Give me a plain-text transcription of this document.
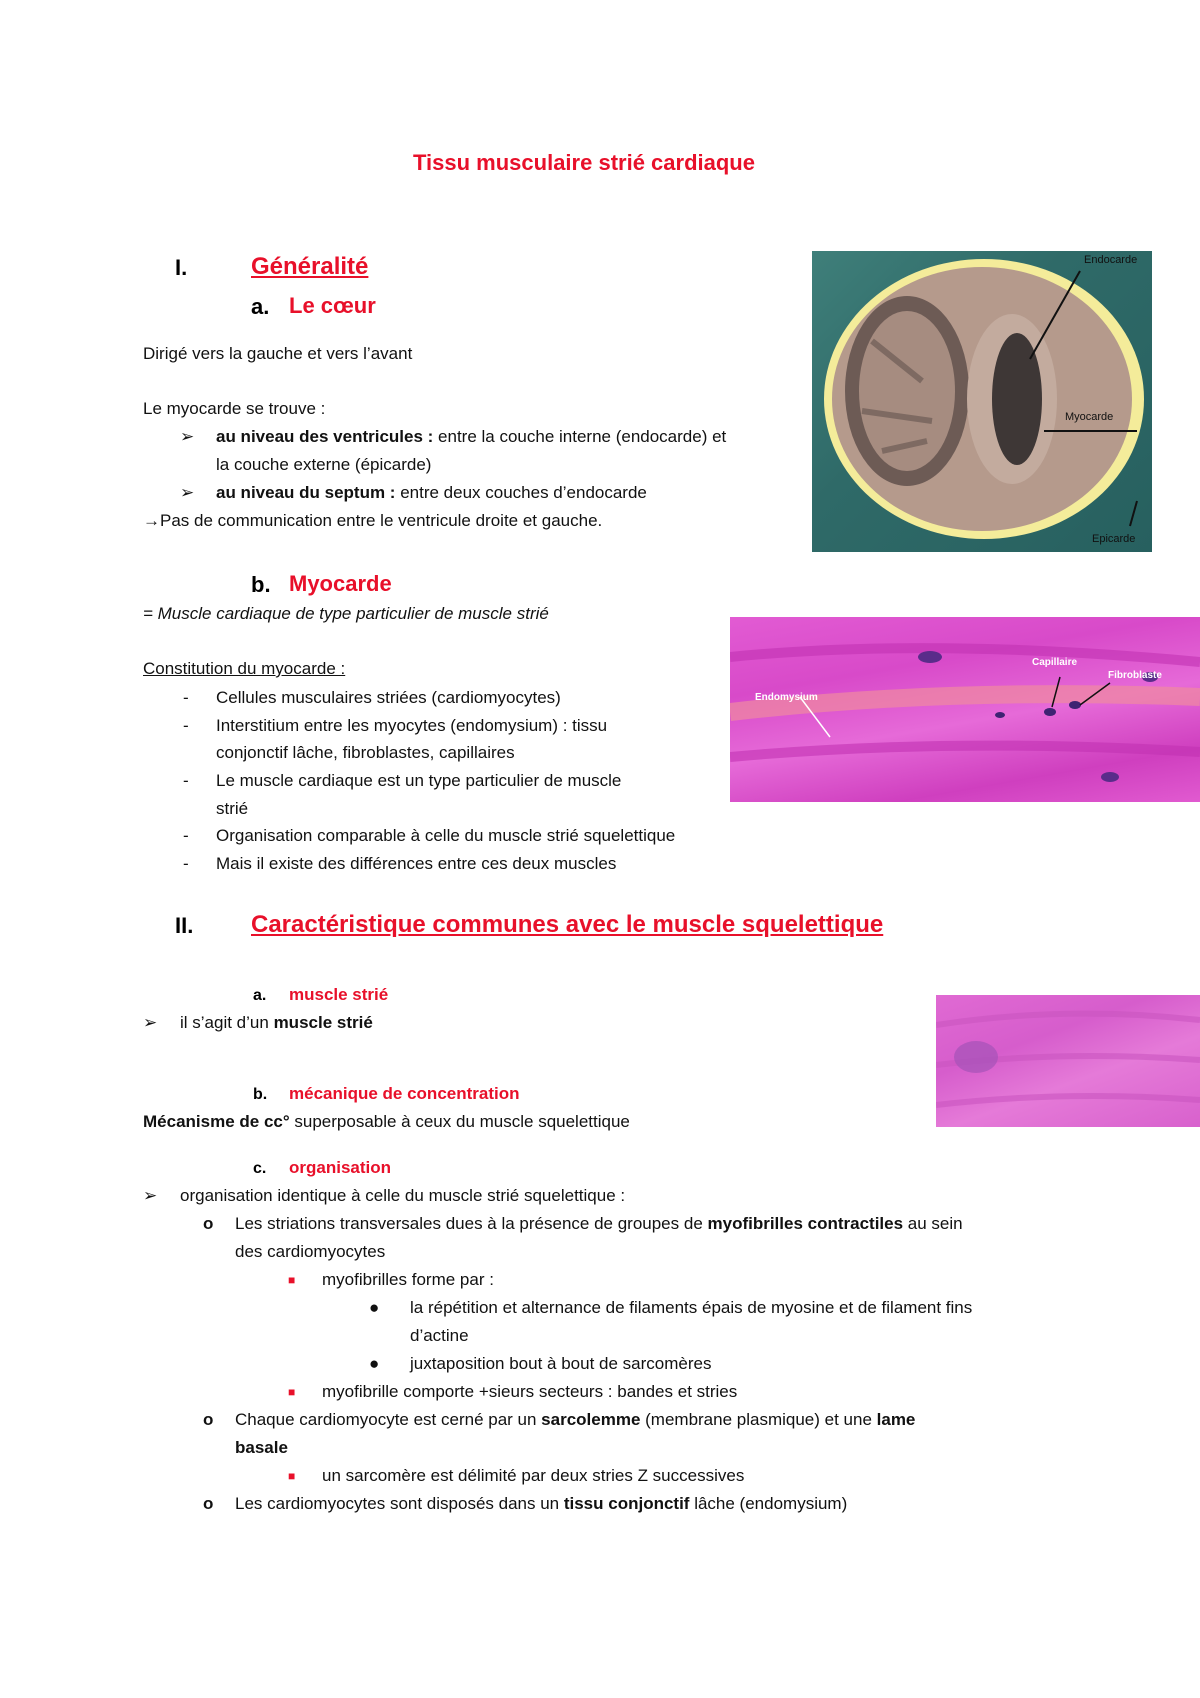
Tissu musculaire strié cardiaque
I.	Généralité
a. Le cœur
Dirigé vers la gauche et vers l’avant
Le myocarde se trouve :
➢ au niveau des ventricules : entre la couche interne (endocarde) et
la couche externe (épicarde)
➢ au niveau du septum : entre deux couches d’endocarde
→Pas de communication entre le ventricule droite et gauche.
Endocarde
Myocarde
Epicarde
b. Myocarde
= Muscle cardiaque de type particulier de muscle strié
Constitution du myocarde :
- Cellules musculaires striées (cardiomyocytes)
- Interstitium entre les myocytes (endomysium) : tissu
conjonctif lâche, fibroblastes, capillaires
- Le muscle cardiaque est un type particulier de muscle
strié
- Organisation comparable à celle du muscle strié squelettique
- Mais il existe des différences entre ces deux muscles
Endomysium
Capillaire
Fibroblaste
II. Caractéristique communes avec le muscle squelettique
a. muscle strié
➢ il s’agit d’un muscle strié
b. mécanique de concentration
Mécanisme de cc° superposable à ceux du muscle squelettique
c. organisation
➢ organisation identique à celle du muscle strié squelettique :
o Les striations transversales dues à la présence de groupes de myofibrilles contractiles au sein
des cardiomyocytes
■ myofibrilles forme par :
● la répétition et alternance de filaments épais de myosine et de filament fins
d’actine
● juxtaposition bout à bout de sarcomères
■ myofibrille comporte +sieurs secteurs : bandes et stries
o Chaque cardiomyocyte est cerné par un sarcolemme (membrane plasmique) et une lame
basale
■ un sarcomère est délimité par deux stries Z successives
o Les cardiomyocytes sont disposés dans un tissu conjonctif lâche (endomysium)
